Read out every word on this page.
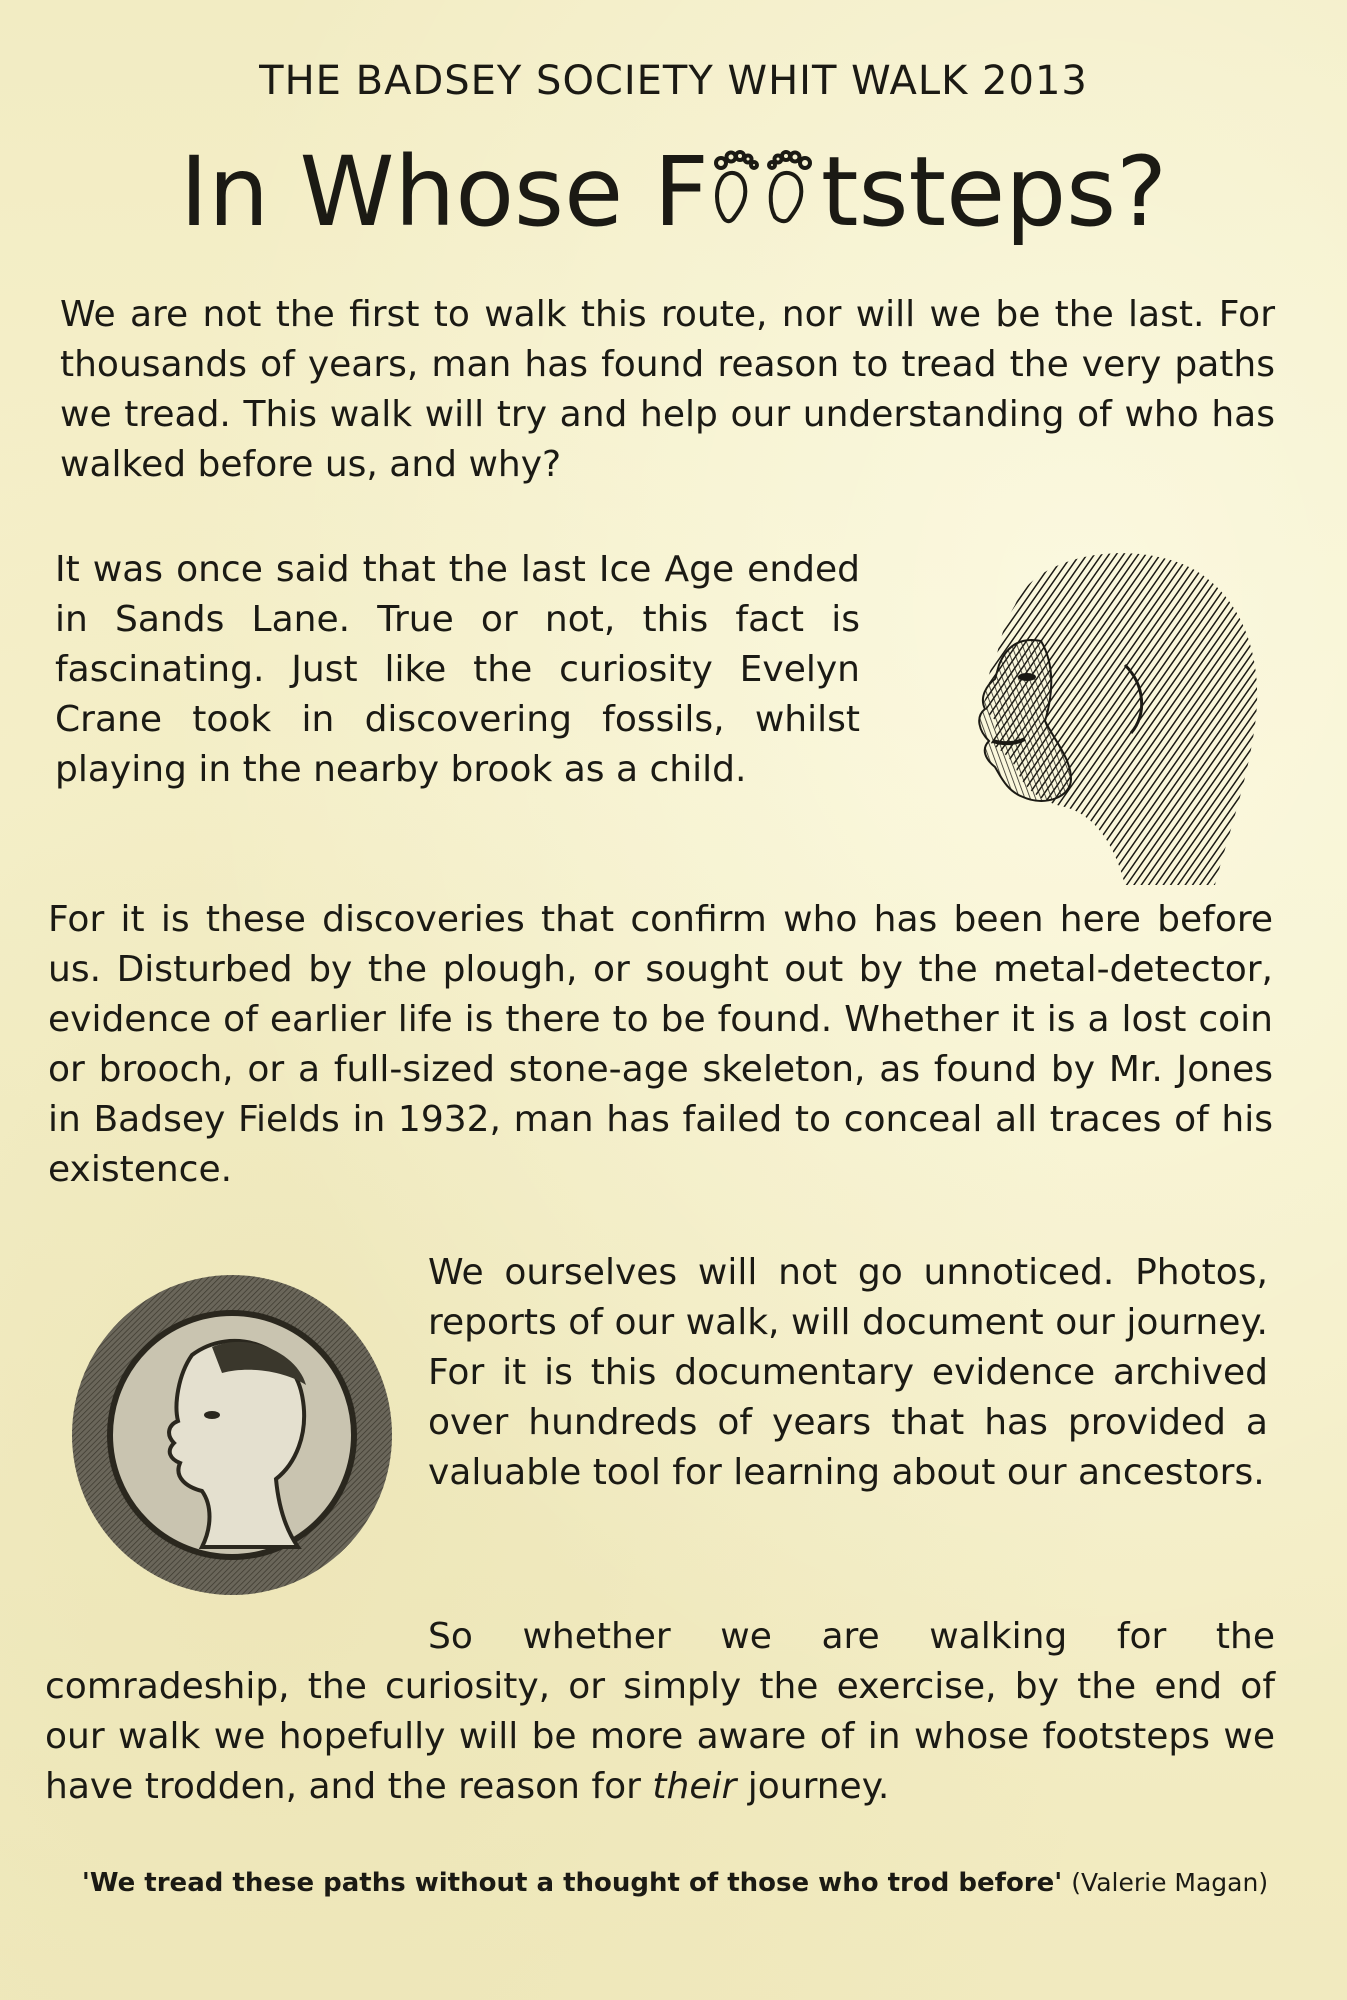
THE BADSEY SOCIETY WHIT WALK 2013
In Whose F tsteps?

We are not the first to walk this route, nor will we be the last. For thousands of years, man has found reason to tread the very paths we tread. This walk will try and help our understanding of who has walked before us, and why?

It was once said that the last Ice Age ended in Sands Lane. True or not, this fact is fascinating. Just like the curiosity Evelyn Crane took in discovering fossils, whilst playing in the nearby brook as a child.

For it is these discoveries that confirm who has been here before us. Disturbed by the plough, or sought out by the metal-detector, evidence of earlier life is there to be found. Whether it is a lost coin or brooch, or a full-sized stone-age skeleton, as found by Mr. Jones in Badsey Fields in 1932, man has failed to conceal all traces of his existence.

We ourselves will not go unnoticed. Photos, reports of our walk, will document our journey. For it is this documentary evidence archived over hundreds of years that has provided a valuable tool for learning about our ancestors.

So whether we are walking for the comradeship, the curiosity, or simply the exercise, by the end of our walk we hopefully will be more aware of in whose footsteps we have trodden, and the reason for their journey.

'We tread these paths without a thought of those who trod before' (Valerie Magan)
